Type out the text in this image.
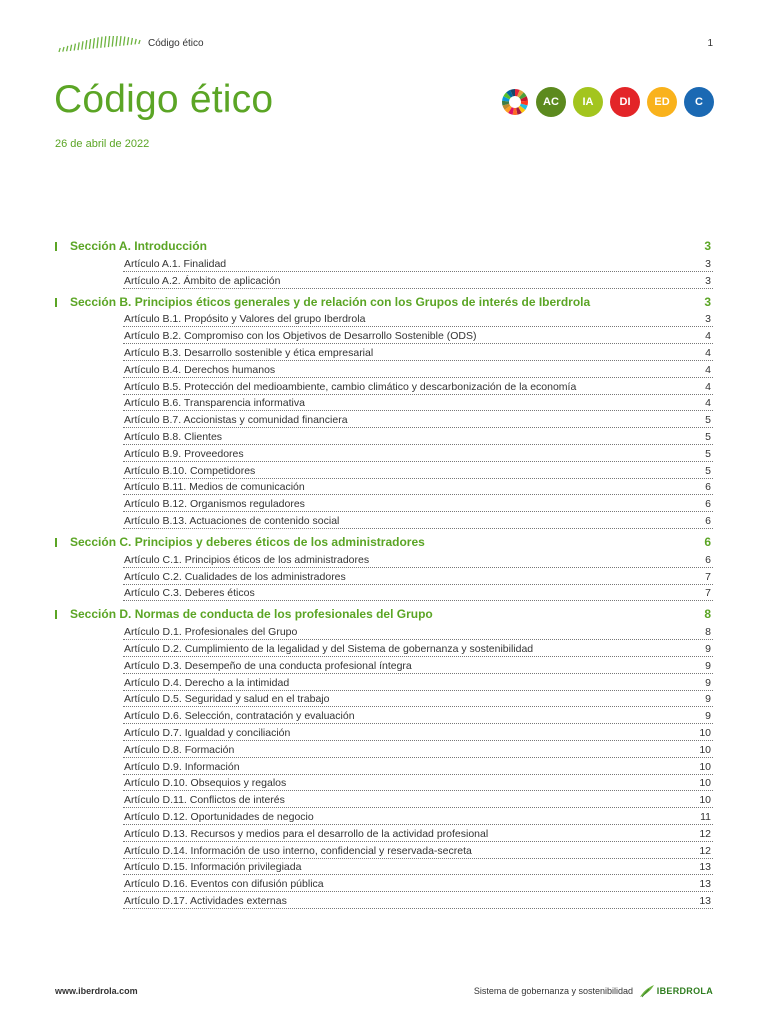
Código ético	1
Código ético
26 de abril de 2022
AC	IA	DI	ED	C
Sección A. Introducción	3
Artículo A.1. Finalidad	3
Artículo A.2. Ámbito de aplicación	3
Sección B. Principios éticos generales y de relación con los Grupos de interés de Iberdrola	3
Artículo B.1. Propósito y Valores del grupo Iberdrola	3
Artículo B.2. Compromiso con los Objetivos de Desarrollo Sostenible (ODS)	4
Artículo B.3. Desarrollo sostenible y ética empresarial	4
Artículo B.4. Derechos humanos	4
Artículo B.5. Protección del medioambiente, cambio climático y descarbonización de la economía	4
Artículo B.6. Transparencia informativa	4
Artículo B.7. Accionistas y comunidad financiera	5
Artículo B.8. Clientes	5
Artículo B.9. Proveedores	5
Artículo B.10. Competidores	5
Artículo B.11. Medios de comunicación	6
Artículo B.12. Organismos reguladores	6
Artículo B.13. Actuaciones de contenido social	6
Sección C. Principios y deberes éticos de los administradores	6
Artículo C.1. Principios éticos de los administradores	6
Artículo C.2. Cualidades de los administradores	7
Artículo C.3. Deberes éticos	7
Sección D. Normas de conducta de los profesionales del Grupo	8
Artículo D.1. Profesionales del Grupo	8
Artículo D.2. Cumplimiento de la legalidad y del Sistema de gobernanza y sostenibilidad	9
Artículo D.3. Desempeño de una conducta profesional íntegra	9
Artículo D.4. Derecho a la intimidad	9
Artículo D.5. Seguridad y salud en el trabajo	9
Artículo D.6. Selección, contratación y evaluación	9
Artículo D.7. Igualdad y conciliación	10
Artículo D.8. Formación	10
Artículo D.9. Información	10
Artículo D.10. Obsequios y regalos	10
Artículo D.11. Conflictos de interés	10
Artículo D.12. Oportunidades de negocio	11
Artículo D.13. Recursos y medios para el desarrollo de la actividad profesional	12
Artículo D.14. Información de uso interno, confidencial y reservada-secreta	12
Artículo D.15. Información privilegiada	13
Artículo D.16. Eventos con difusión pública	13
Artículo D.17. Actividades externas	13
www.iberdrola.com	Sistema de gobernanza y sostenibilidad	IBERDROLA
